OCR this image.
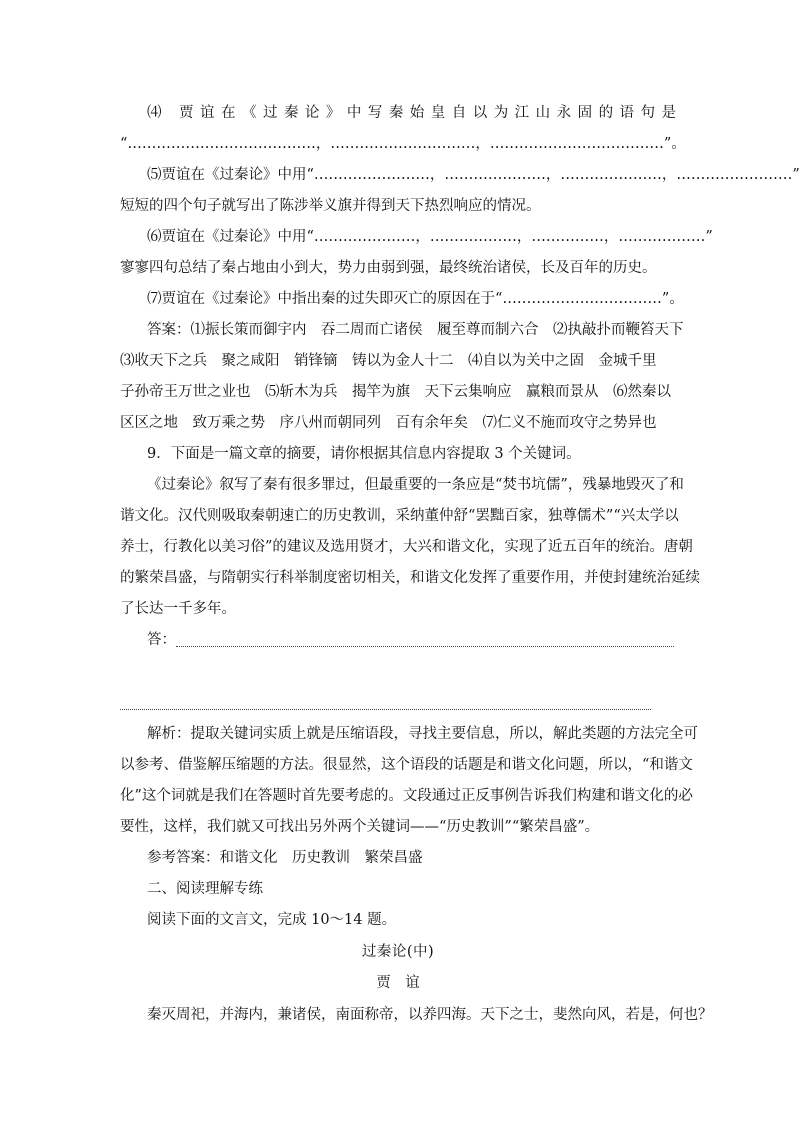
⑷ 贾谊在《过秦论》中写秦始皇自以为江山永固的语句是
“…………………………………，…………………………，………………………………”。
⑸贾谊在《过秦论》中用“……………………，…………………，…………………，……………………”
短短的四个句子就写出了陈涉举义旗并得到天下热烈响应的情况。
⑹贾谊在《过秦论》中用“…………………，………………，……………，………………”
寥寥四句总结了秦占地由小到大，势力由弱到强，最终统治诸侯，长及百年的历史。
⑺贾谊在《过秦论》中指出秦的过失即灭亡的原因在于“……………………………”。
答案：⑴振长策而御宇内　吞二周而亡诸侯　履至尊而制六合　⑵执敲扑而鞭笞天下
⑶收天下之兵　聚之咸阳　销锋镝　铸以为金人十二　⑷自以为关中之固　金城千里
子孙帝王万世之业也　⑸斩木为兵　揭竿为旗　天下云集响应　赢粮而景从　⑹然秦以
区区之地　致万乘之势　序八州而朝同列　百有余年矣　⑺仁义不施而攻守之势异也
9．下面是一篇文章的摘要，请你根据其信息内容提取 3 个关键词。
《过秦论》叙写了秦有很多罪过，但最重要的一条应是“焚书坑儒”，残暴地毁灭了和
谐文化。汉代则吸取秦朝速亡的历史教训，采纳董仲舒“罢黜百家，独尊儒术”“兴太学以
养士，行教化以美习俗”的建议及选用贤才，大兴和谐文化，实现了近五百年的统治。唐朝
的繁荣昌盛，与隋朝实行科举制度密切相关，和谐文化发挥了重要作用，并使封建统治延续
了长达一千多年。
答：
解析：提取关键词实质上就是压缩语段，寻找主要信息，所以，解此类题的方法完全可
以参考、借鉴解压缩题的方法。很显然，这个语段的话题是和谐文化问题，所以，“和谐文
化”这个词就是我们在答题时首先要考虑的。文段通过正反事例告诉我们构建和谐文化的必
要性，这样，我们就又可找出另外两个关键词——“历史教训”“繁荣昌盛”。
参考答案：和谐文化　历史教训　繁荣昌盛
二、阅读理解专练
阅读下面的文言文，完成 10～14 题。
过秦论(中)
贾　谊
秦灭周祀，并海内，兼诸侯，南面称帝，以养四海。天下之士，斐然向风，若是，何也？
